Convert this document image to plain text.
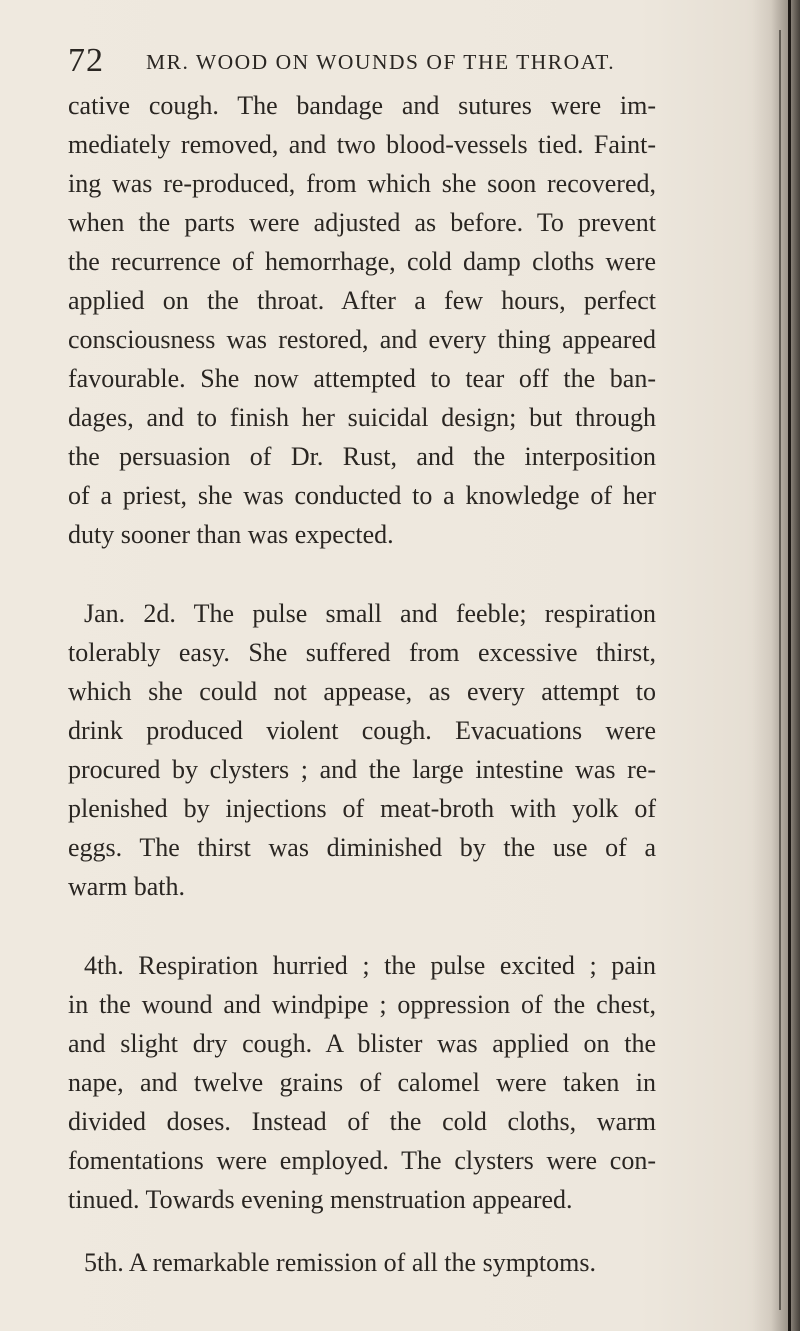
72 MR. WOOD ON WOUNDS OF THE THROAT.
cative cough. The bandage and sutures were im-
mediately removed, and two blood-vessels tied. Faint-
ing was re-produced, from which she soon recovered,
when the parts were adjusted as before. To prevent
the recurrence of hemorrhage, cold damp cloths were
applied on the throat. After a few hours, perfect
consciousness was restored, and every thing appeared
favourable. She now attempted to tear off the ban-
dages, and to finish her suicidal design; but through
the persuasion of Dr. Rust, and the interposition
of a priest, she was conducted to a knowledge of her
duty sooner than was expected.
Jan. 2d. The pulse small and feeble; respiration
tolerably easy. She suffered from excessive thirst,
which she could not appease, as every attempt to
drink produced violent cough. Evacuations were
procured by clysters ; and the large intestine was re-
plenished by injections of meat-broth with yolk of
eggs. The thirst was diminished by the use of a
warm bath.
4th. Respiration hurried ; the pulse excited ; pain
in the wound and windpipe ; oppression of the chest,
and slight dry cough. A blister was applied on the
nape, and twelve grains of calomel were taken in
divided doses. Instead of the cold cloths, warm
fomentations were employed. The clysters were con-
tinued. Towards evening menstruation appeared.
5th. A remarkable remission of all the symptoms.
